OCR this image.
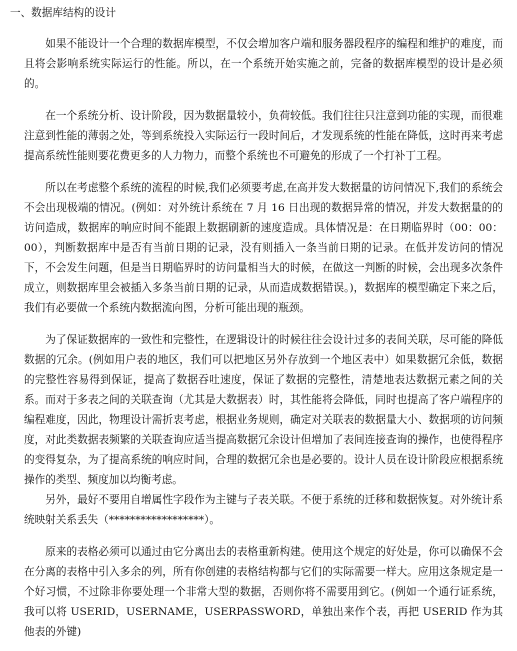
一、数据库结构的设计

如果不能设计一个合理的数据库模型，不仅会增加客户端和服务器段程序的编程和维护的难度，而且将会影响系统实际运行的性能。所以，在一个系统开始实施之前，完备的数据库模型的设计是必须的。

在一个系统分析、设计阶段，因为数据量较小，负荷较低。我们往往只注意到功能的实现，而很难注意到性能的薄弱之处，等到系统投入实际运行一段时间后，才发现系统的性能在降低，这时再来考虑提高系统性能则要花费更多的人力物力，而整个系统也不可避免的形成了一个打补丁工程。

所以在考虑整个系统的流程的时候,我们必须要考虑,在高并发大数据量的访问情况下,我们的系统会不会出现极端的情况。(例如：对外统计系统在 7 月 16 日出现的数据异常的情况，并发大数据量的的访问造成，数据库的响应时间不能跟上数据刷新的速度造成。具体情况是：在日期临界时（00：00：00），判断数据库中是否有当前日期的记录，没有则插入一条当前日期的记录。在低并发访问的情况下，不会发生问题，但是当日期临界时的访问量相当大的时候，在做这一判断的时候，会出现多次条件成立，则数据库里会被插入多条当前日期的记录，从而造成数据错误。)，数据库的模型确定下来之后，我们有必要做一个系统内数据流向图，分析可能出现的瓶颈。

为了保证数据库的一致性和完整性，在逻辑设计的时候往往会设计过多的表间关联，尽可能的降低数据的冗余。(例如用户表的地区，我们可以把地区另外存放到一个地区表中）如果数据冗余低，数据的完整性容易得到保证，提高了数据吞吐速度，保证了数据的完整性，清楚地表达数据元素之间的关系。而对于多表之间的关联查询（尤其是大数据表）时，其性能将会降低，同时也提高了客户端程序的编程难度，因此，物理设计需折衷考虑，根据业务规则，确定对关联表的数据量大小、数据项的访问频度，对此类数据表频繁的关联查询应适当提高数据冗余设计但增加了表间连接查询的操作，也使得程序的变得复杂，为了提高系统的响应时间，合理的数据冗余也是必要的。设计人员在设计阶段应根据系统操作的类型、频度加以均衡考虑。

另外，最好不要用自增属性字段作为主键与子表关联。不便于系统的迁移和数据恢复。对外统计系统映射关系丢失（******************）。

原来的表格必须可以通过由它分离出去的表格重新构建。使用这个规定的好处是，你可以确保不会在分离的表格中引入多余的列，所有你创建的表格结构都与它们的实际需要一样大。应用这条规定是一个好习惯，不过除非你要处理一个非常大型的数据，否则你将不需要用到它。(例如一个通行证系统，我可以将 USERID，USERNAME，USERPASSWORD，单独出来作个表，再把 USERID 作为其他表的外键)
